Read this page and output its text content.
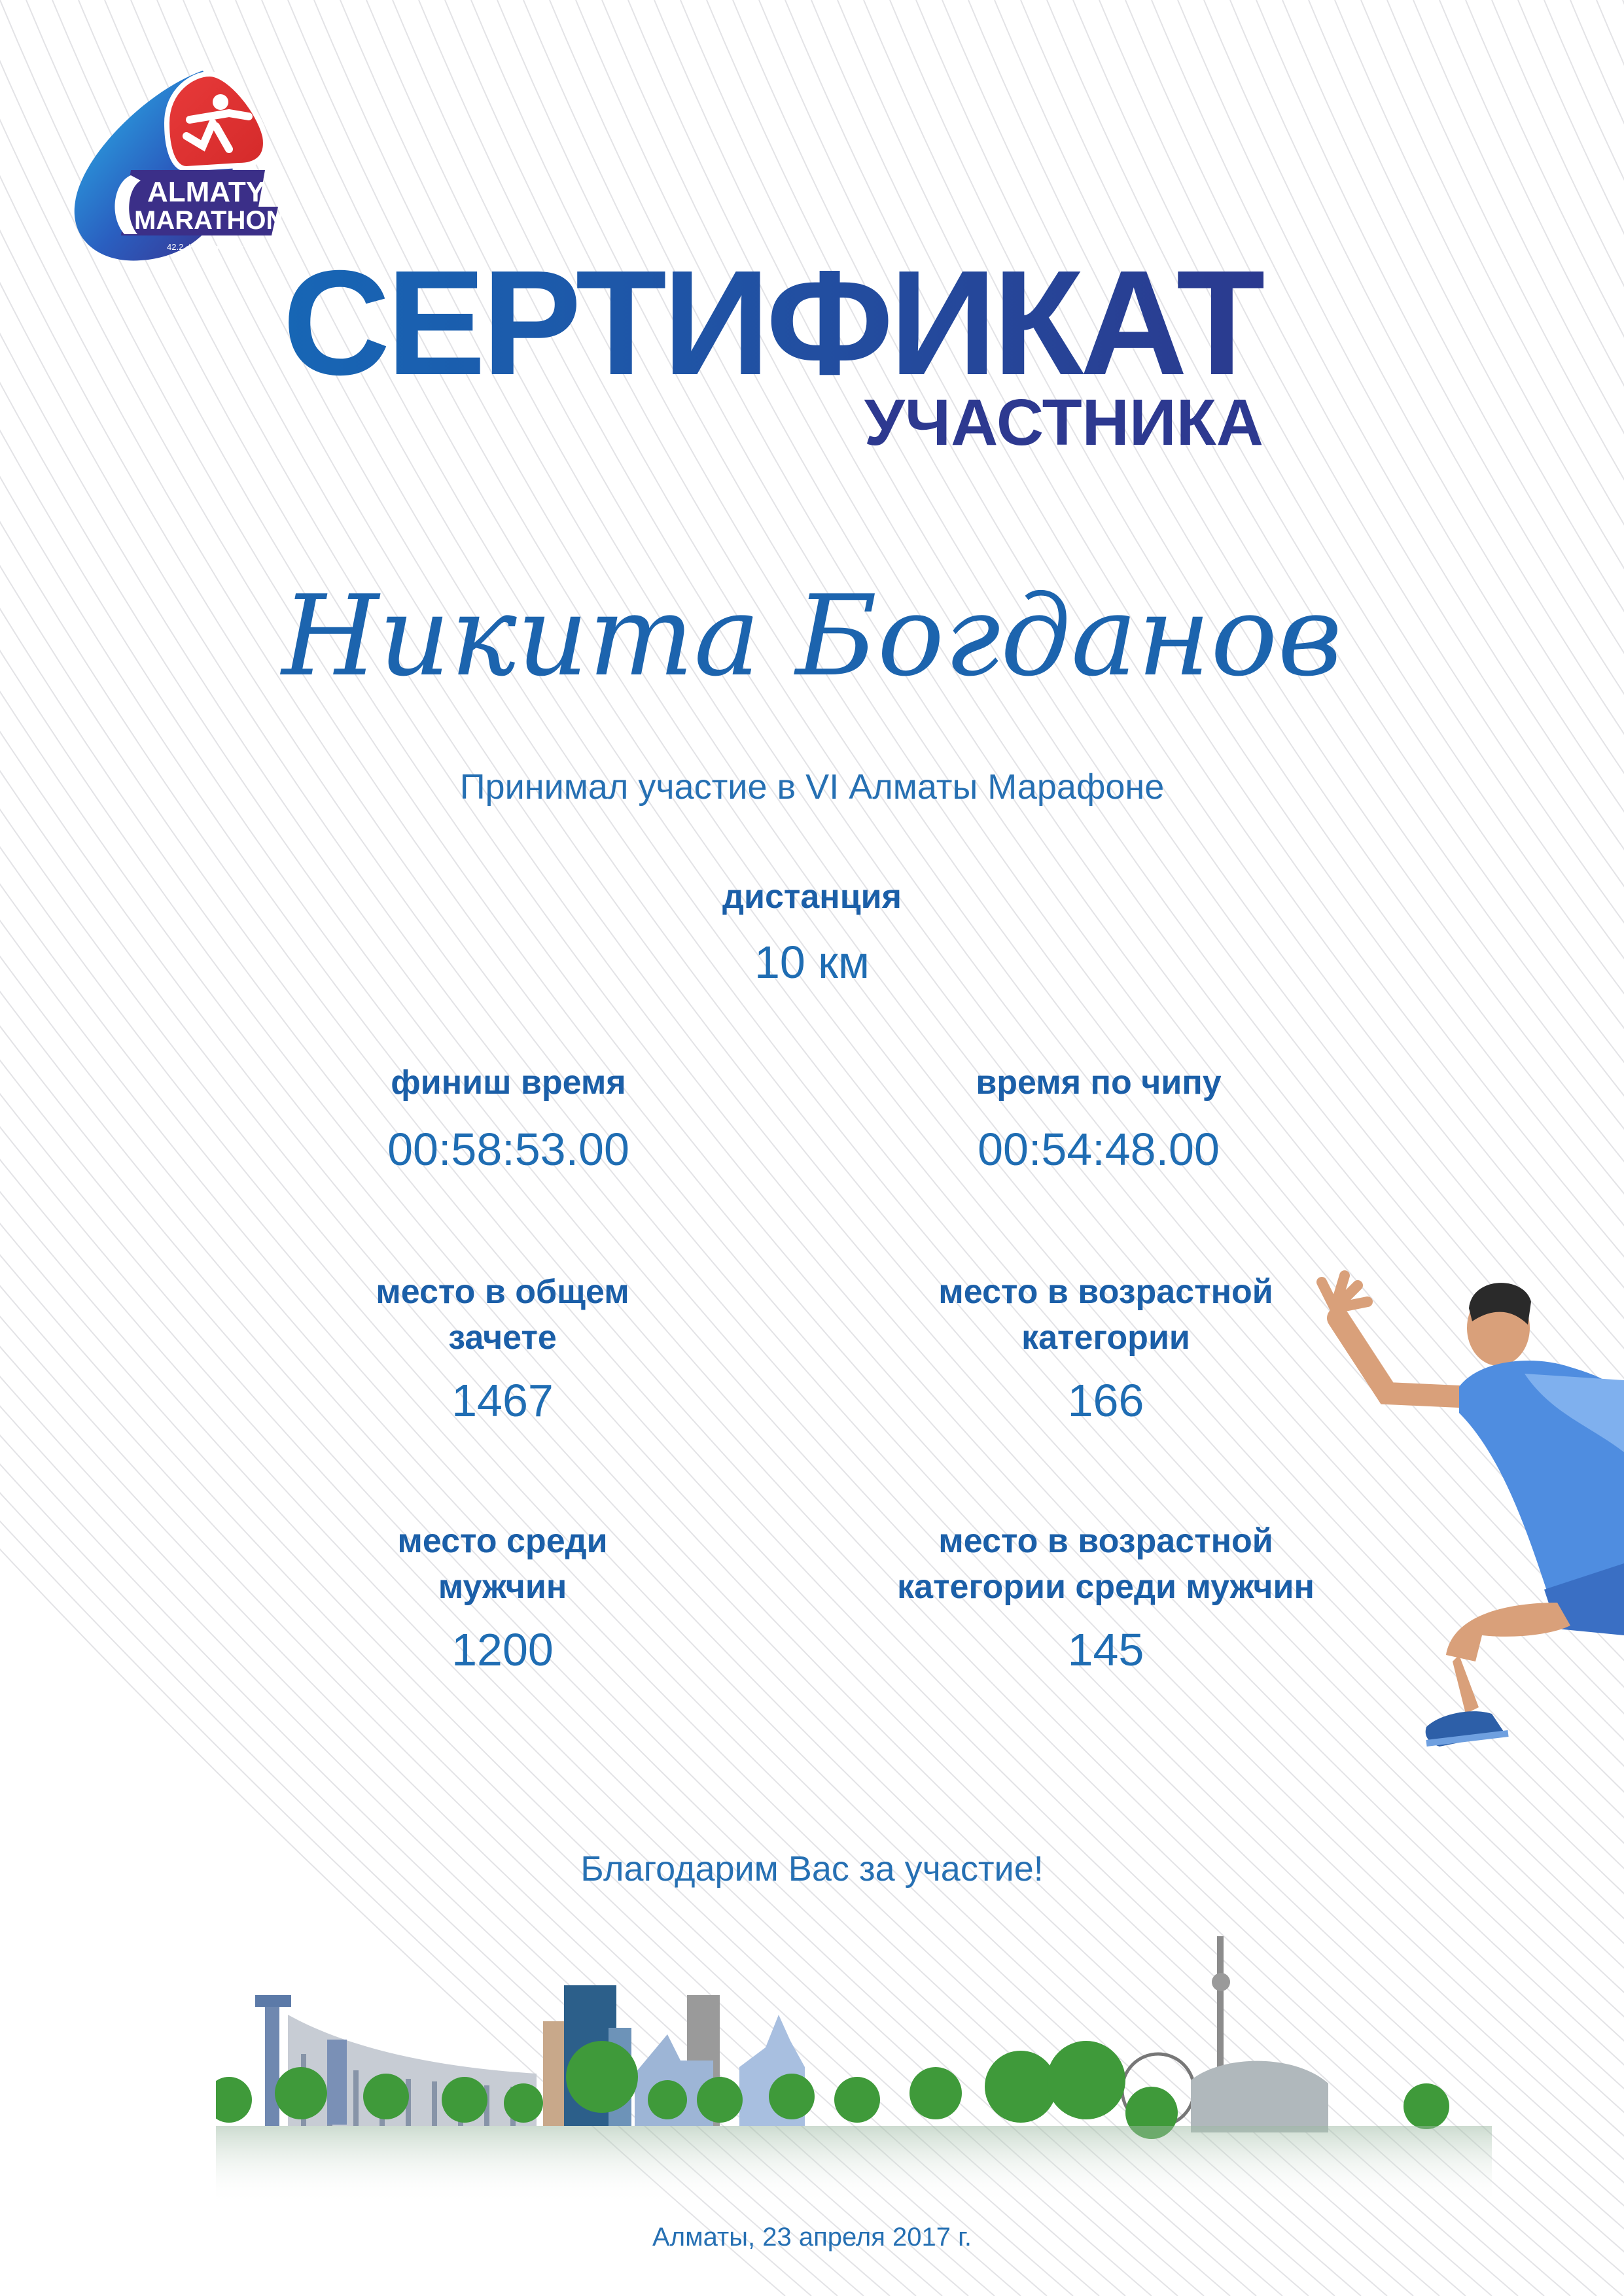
ALMATY
MARATHON
42.2 ★ 21.1 ★ 10 ★ 3 СЕРТИФИКАТ
УЧАСТНИКА
Никита Богданов
Принимал участие в VI Алматы Марафоне
дистанция
10 км
финиш время
00:58:53.00
время по чипу
00:54:48.00
место в общем
зачете
1467
место в возрастной
категории
166
место среди
мужчин
1200
место в возрастной
категории среди мужчин
145
Благодарим Вас за участие!
Алматы, 23 апреля 2017 г.
